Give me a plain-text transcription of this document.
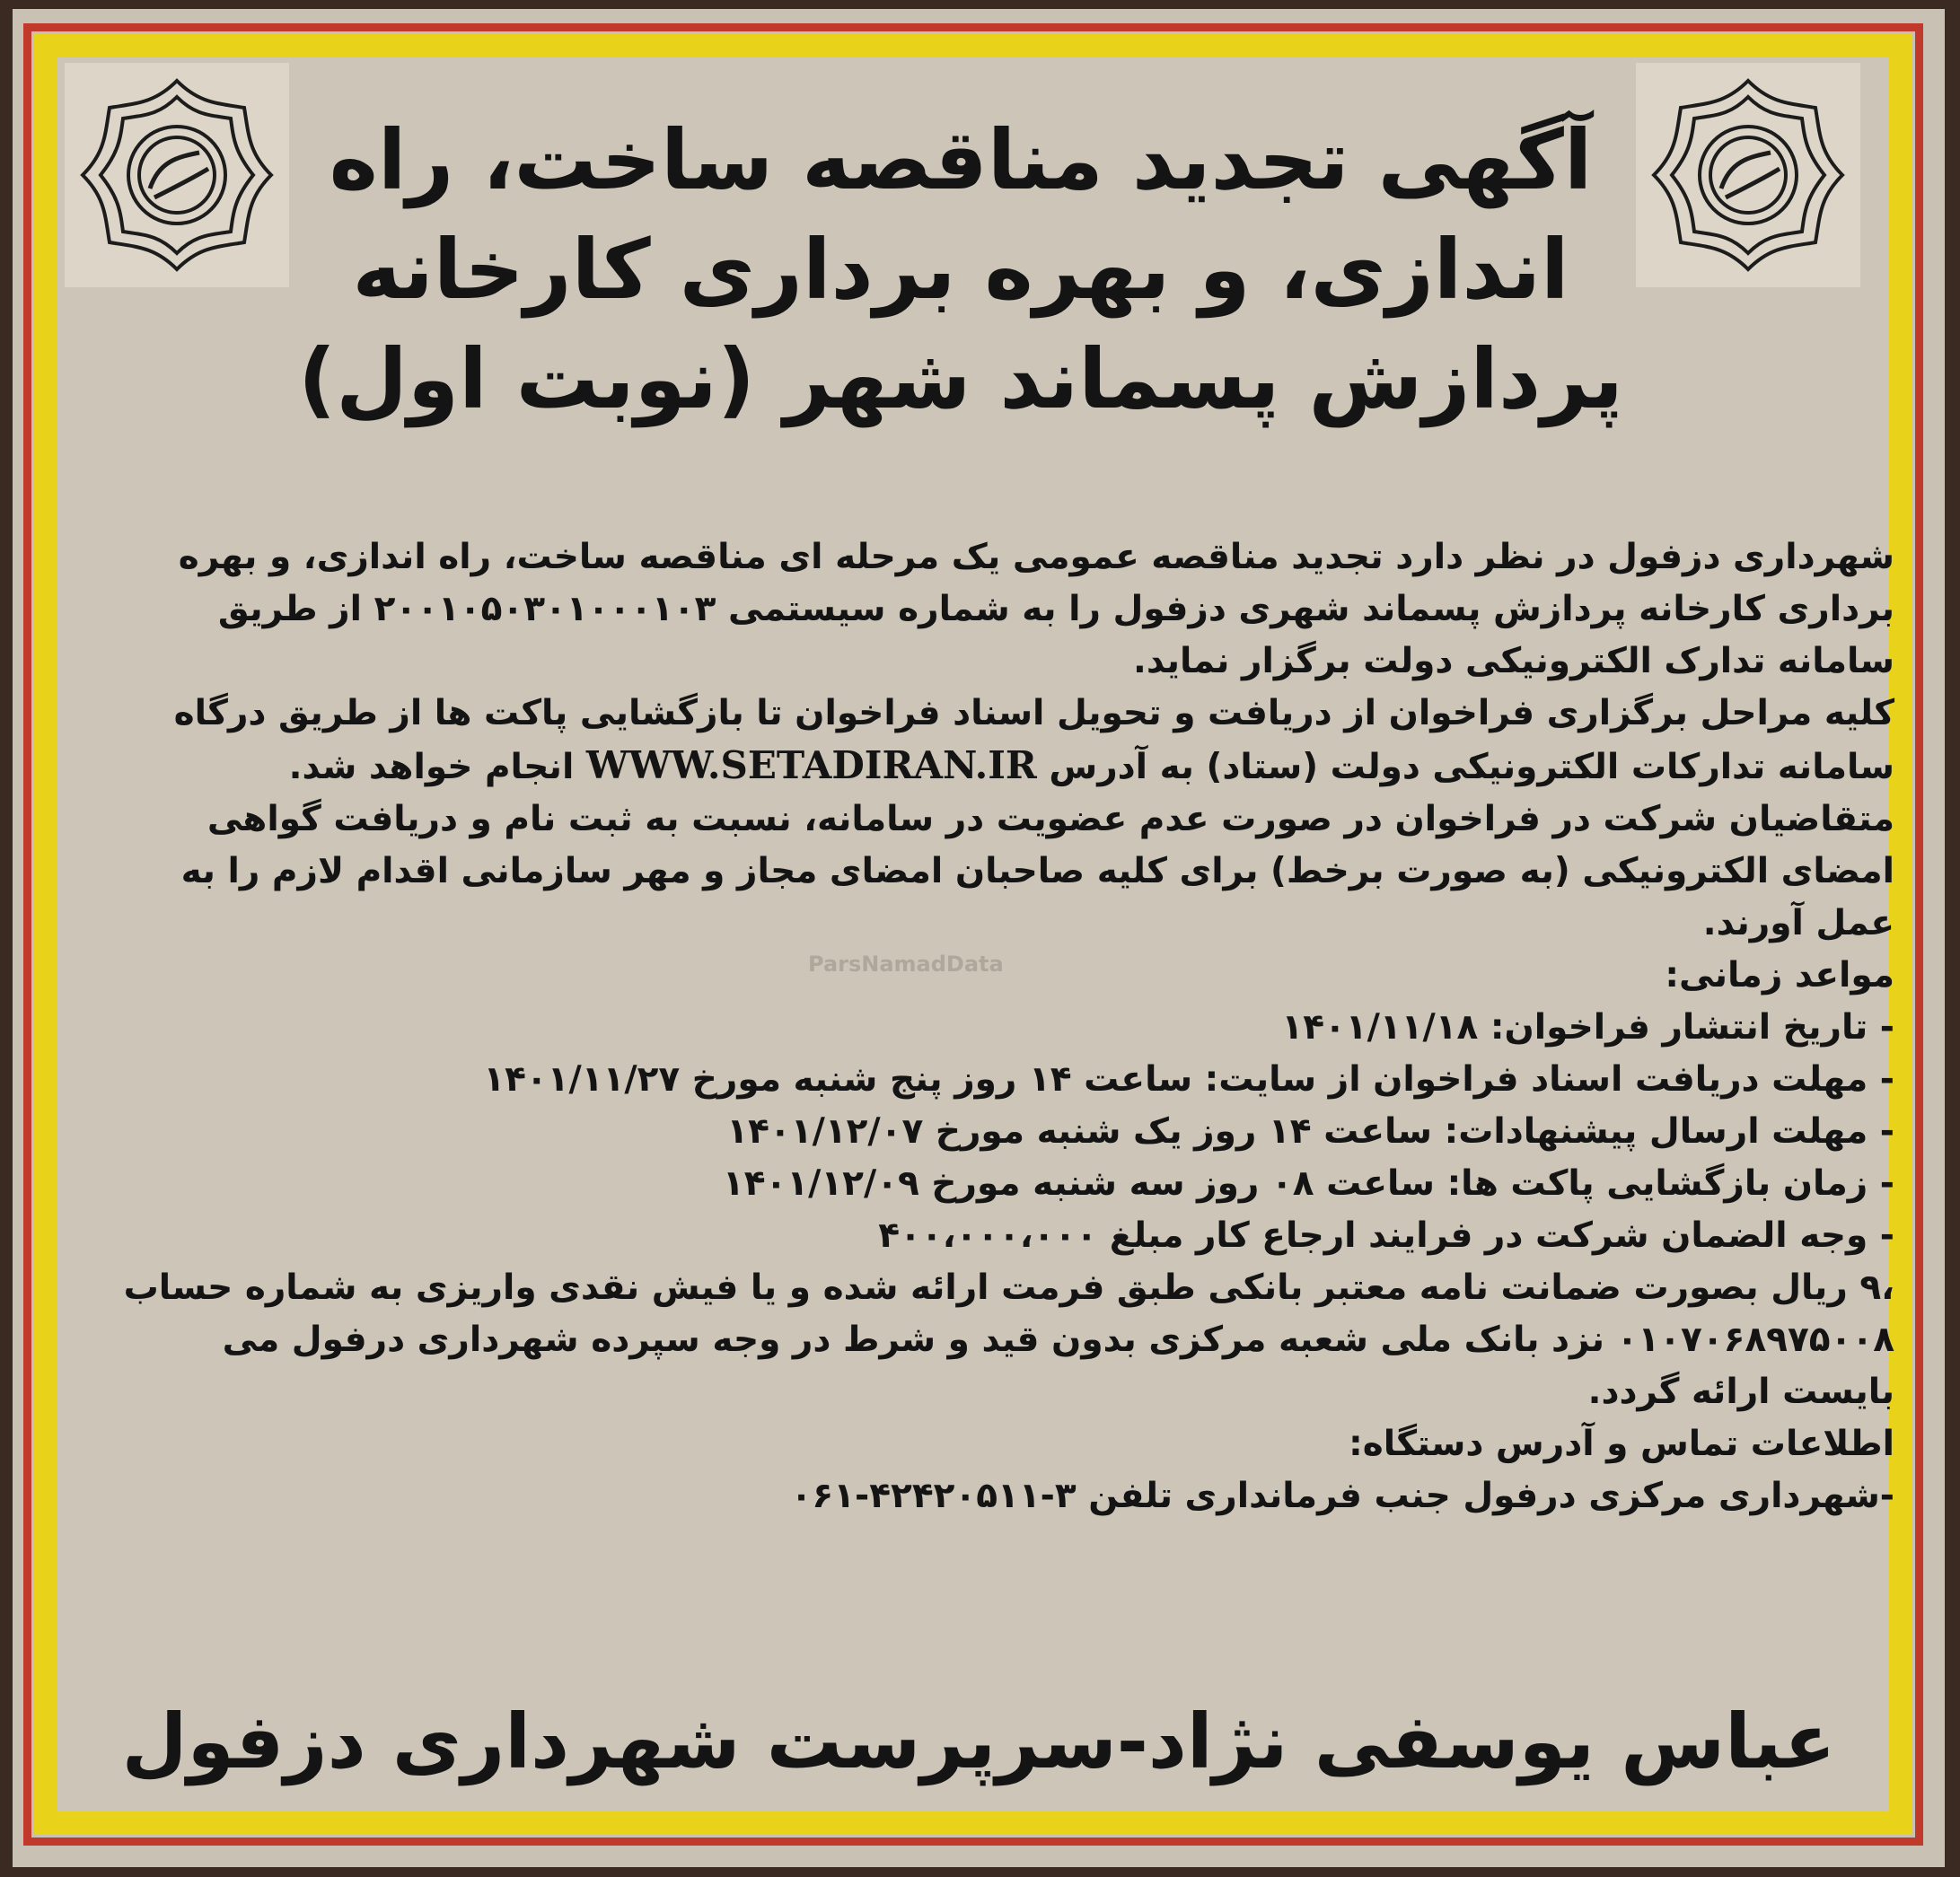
آگهی تجدید مناقصه ساخت، راه
اندازی، و بهره برداری کارخانه
پردازش پسماند شهر (نوبت اول)
ParsNamadData
شهرداری دزفول در نظر دارد تجدید مناقصه عمومی یک مرحله ای مناقصه ساخت، راه اندازی، و بهره
برداری کارخانه پردازش پسماند شهری دزفول را به شماره سیستمی ۲۰۰۱۰۵۰۳۰۱۰۰۰۱۰۳ از طریق
سامانه تدارک الکترونیکی دولت برگزار نماید.
کلیه مراحل برگزاری فراخوان از دریافت و تحویل اسناد فراخوان تا بازگشایی پاکت ها از طریق درگاه
سامانه تدارکات الکترونیکی دولت (ستاد) به آدرس WWW.SETADIRAN.IR انجام خواهد شد.
متقاضیان شرکت در فراخوان در صورت عدم عضویت در سامانه، نسبت به ثبت نام و دریافت گواهی
امضای الکترونیکی (به صورت برخط) برای کلیه صاحبان امضای مجاز و مهر سازمانی اقدام لازم را به
عمل آورند.
مواعد زمانی:
- تاریخ انتشار فراخوان: ۱۴۰۱/۱۱/۱۸
- مهلت دریافت اسناد فراخوان از سایت: ساعت ۱۴ روز پنج شنبه مورخ ۱۴۰۱/۱۱/۲۷
- مهلت ارسال پیشنهادات: ساعت ۱۴ روز یک شنبه مورخ ۱۴۰۱/۱۲/۰۷
- زمان بازگشایی پاکت ها: ساعت ۰۸ روز سه شنبه مورخ ۱۴۰۱/۱۲/۰۹
- وجه الضمان شرکت در فرایند ارجاع کار مبلغ ۴۰۰،۰۰۰،۰۰۰
،۹ ریال بصورت ضمانت نامه معتبر بانکی طبق فرمت ارائه شده و یا فیش نقدی واریزی به شماره حساب
۰۱۰۷۰۶۸۹۷۵۰۰۸ نزد بانک ملی شعبه مرکزی بدون قید و شرط در وجه سپرده شهرداری درفول می
بایست ارائه گردد.
اطلاعات تماس و آدرس دستگاه:
-شهرداری مرکزی درفول جنب فرمانداری تلفن ۳-۴۲۴۲۰۵۱۱-۰۶۱
عباس یوسفی نژاد-سرپرست شهرداری دزفول
